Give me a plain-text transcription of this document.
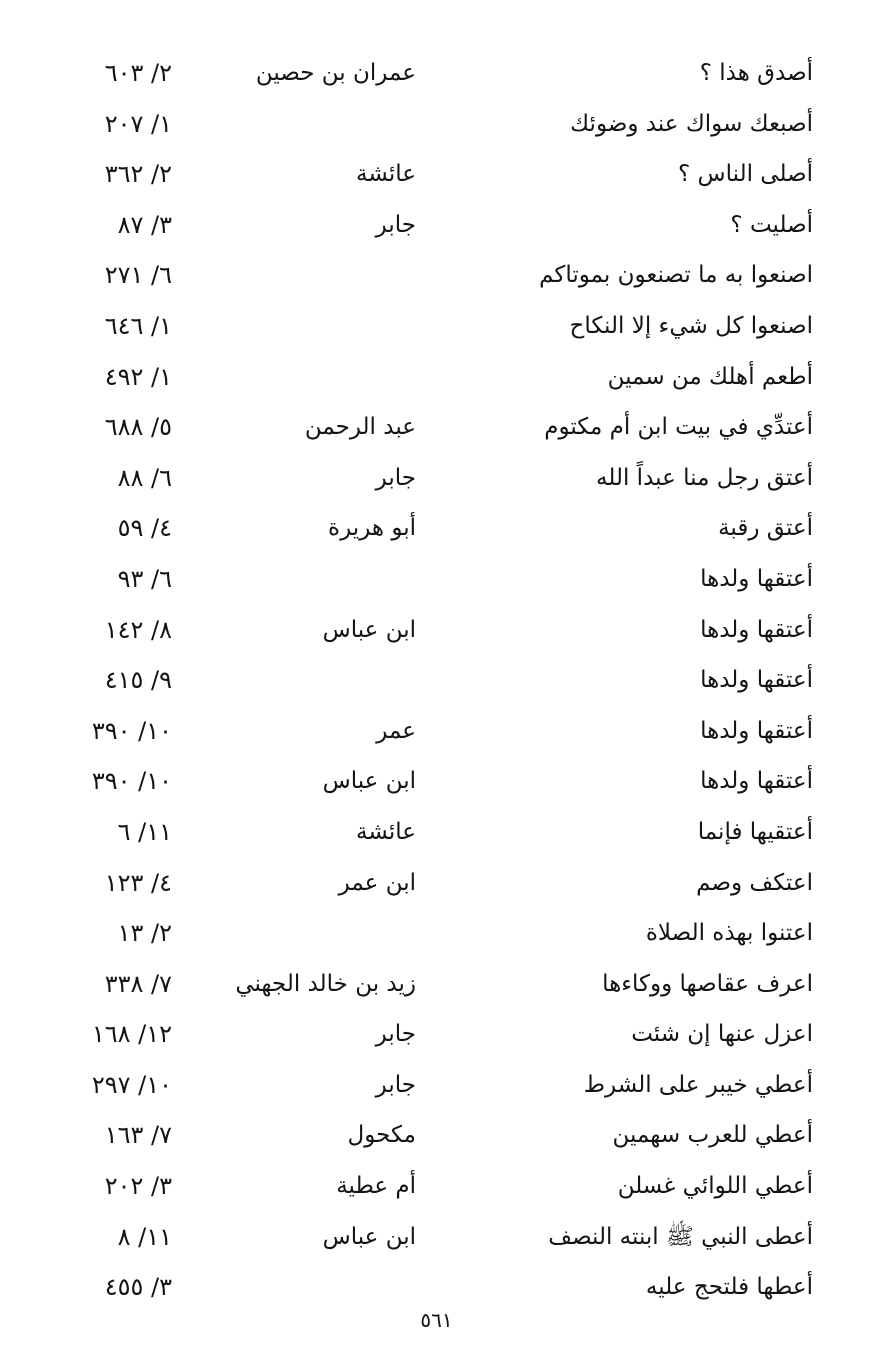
أصدق هذا ؟
عمران بن حصين
٢/ ٦٠٣
أصبعك سواك عند وضوئك
١/ ٢٠٧
أصلى الناس ؟
عائشة
٢/ ٣٦٢
أصليت ؟
جابر
٣/ ٨٧
اصنعوا به ما تصنعون بموتاكم
٦/ ٢٧١
اصنعوا كل شيء إلا النكاح
١/ ٦٤٦
أطعم أهلك من سمين
١/ ٤٩٢
أعتدِّي في بيت ابن أم مكتوم
عبد الرحمن
٥/ ٦٨٨
أعتق رجل منا عبداً الله
جابر
٦/ ٨٨
أعتق رقبة
أبو هريرة
٤/ ٥٩
أعتقها ولدها
٦/ ٩٣
أعتقها ولدها
ابن عباس
٨/ ١٤٢
أعتقها ولدها
٩/ ٤١٥
أعتقها ولدها
عمر
١٠/ ٣٩٠
أعتقها ولدها
ابن عباس
١٠/ ٣٩٠
أعتقيها فإنما
عائشة
١١/ ٦
اعتكف وصم
ابن عمر
٤/ ١٢٣
اعتنوا بهذه الصلاة
٢/ ١٣
اعرف عقاصها ووكاءها
زيد بن خالد الجهني
٧/ ٣٣٨
اعزل عنها إن شئت
جابر
١٢/ ١٦٨
أعطي خيبر على الشرط
جابر
١٠/ ٢٩٧
أعطي للعرب سهمين
مكحول
٧/ ١٦٣
أعطي اللوائي غسلن
أم عطية
٣/ ٢٠٢
أعطى النبي ﷺ ابنته النصف
ابن عباس
١١/ ٨
أعطها فلتحج عليه
٣/ ٤٥٥
٥٦١
